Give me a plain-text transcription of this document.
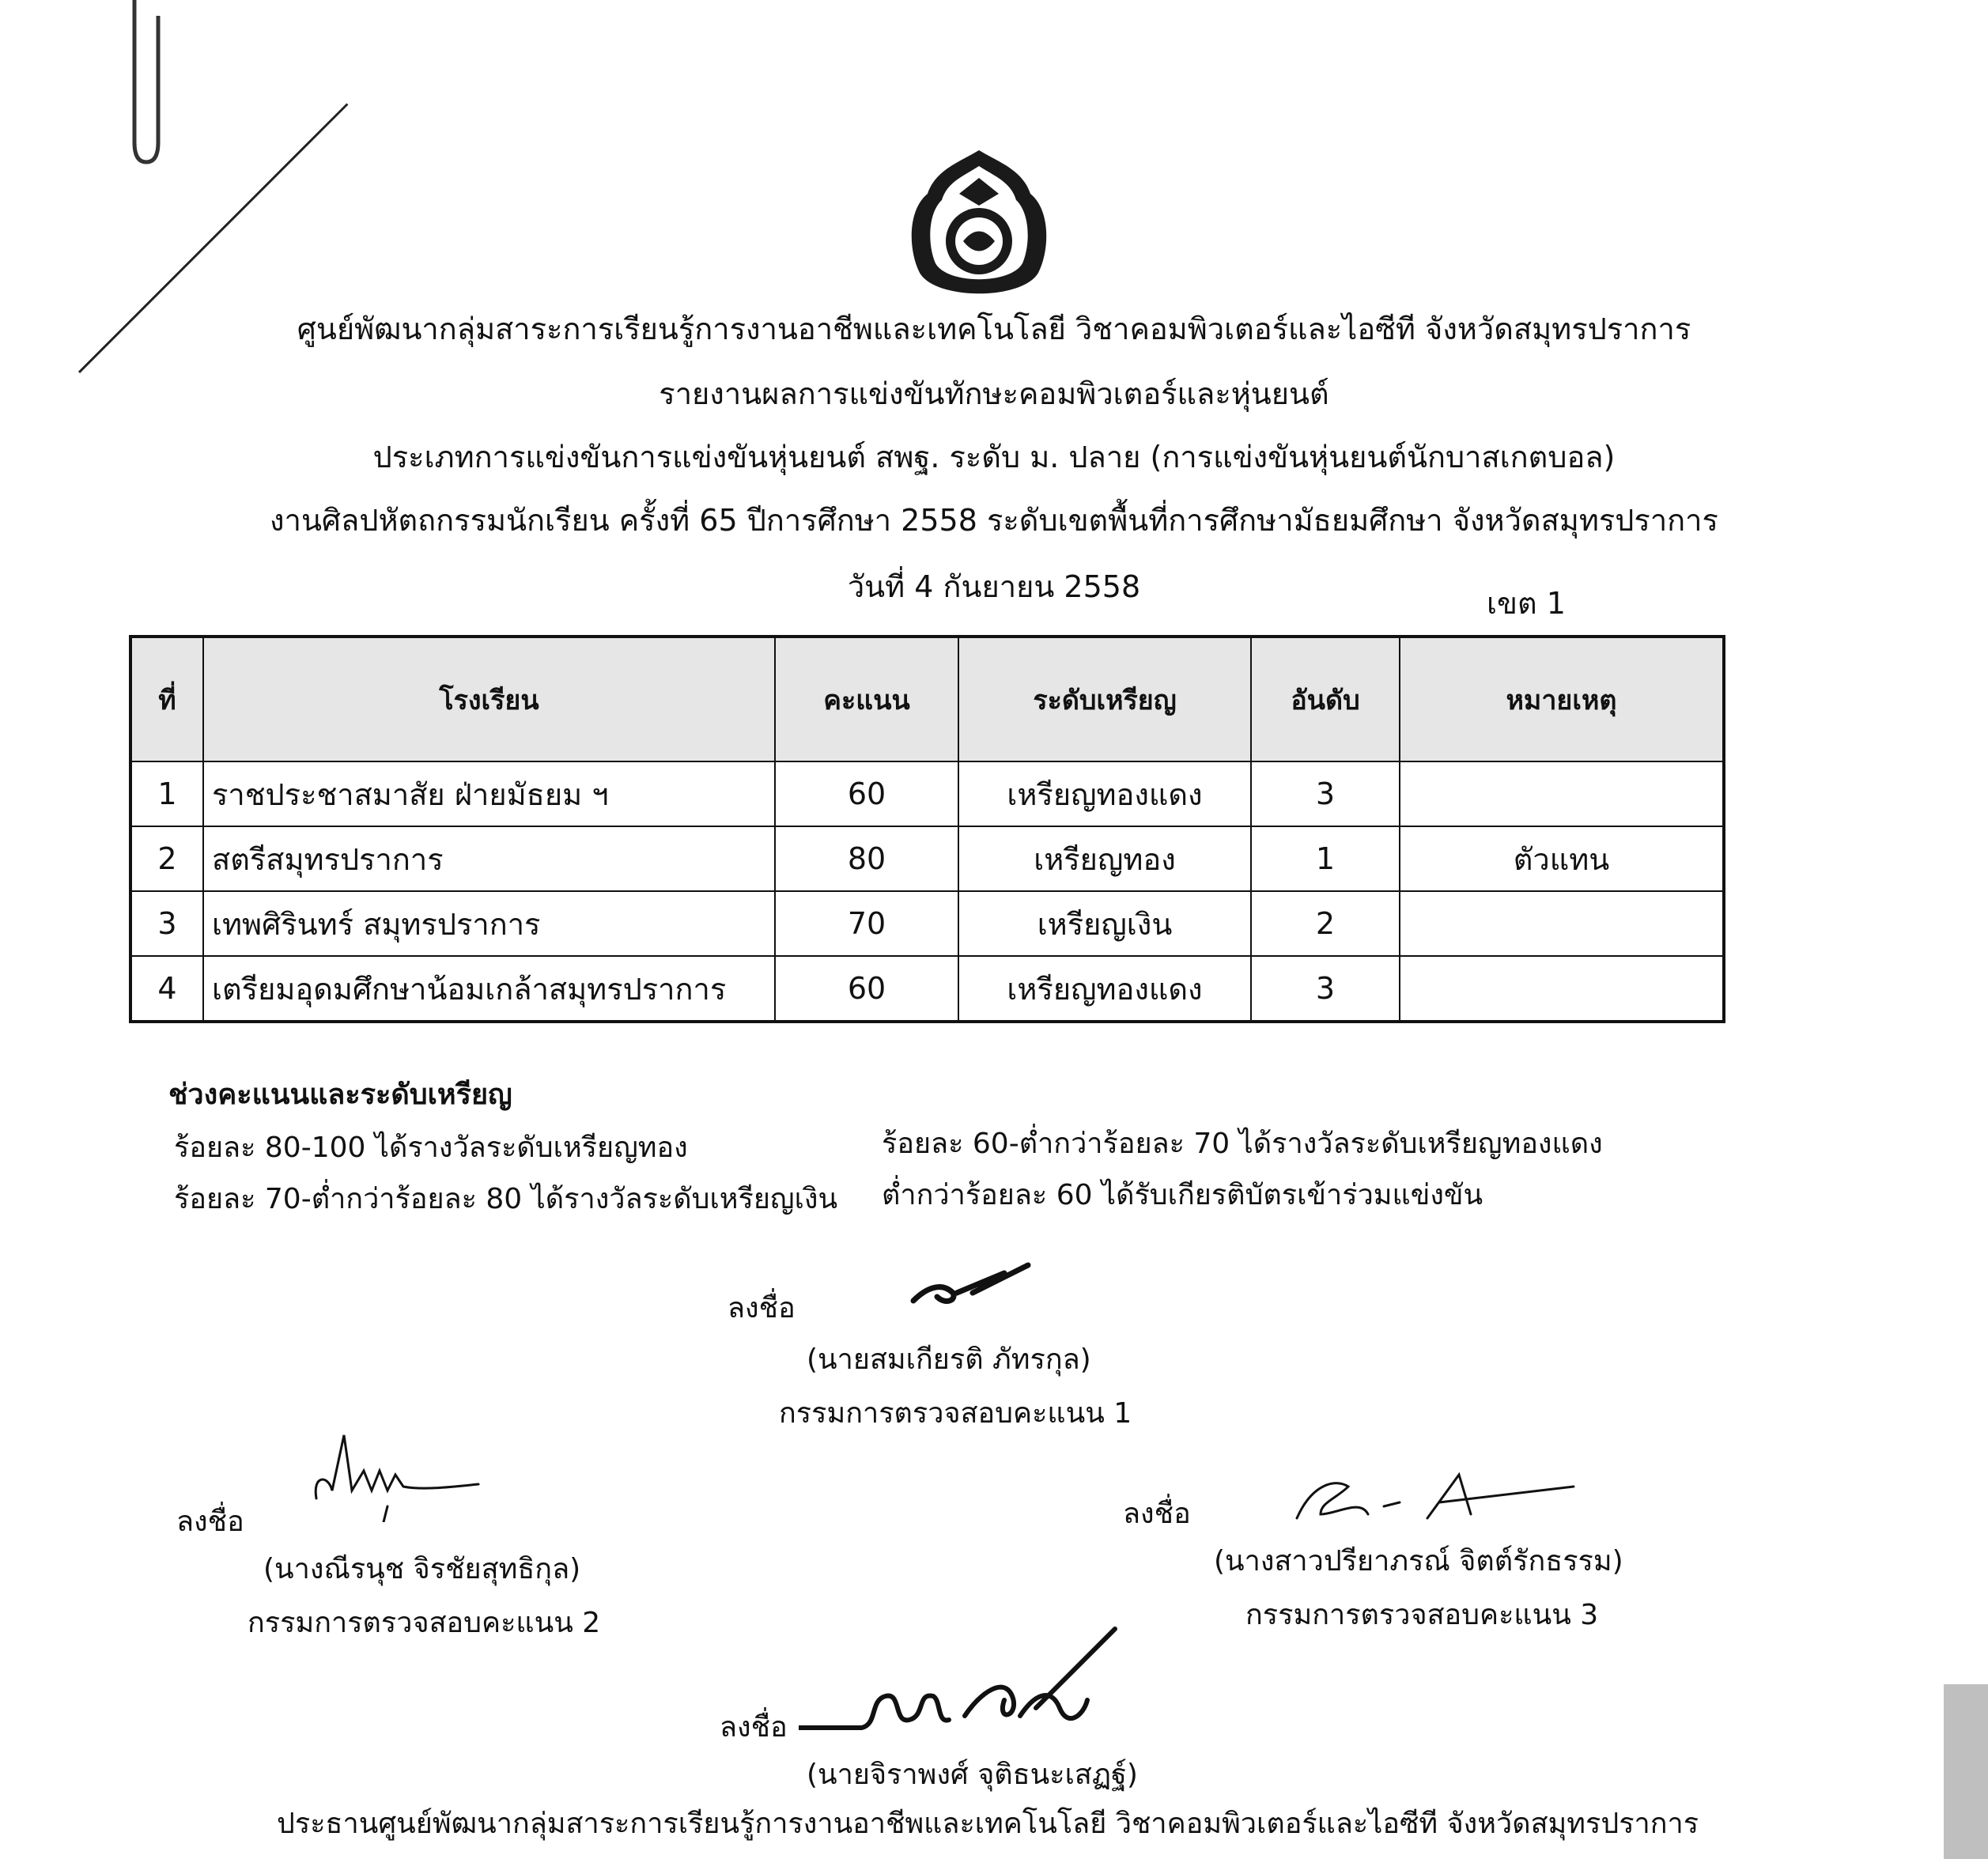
ศูนย์พัฒนากลุ่มสาระการเรียนรู้การงานอาชีพและเทคโนโลยี วิชาคอมพิวเตอร์และไอซีที จังหวัดสมุทรปราการ
รายงานผลการแข่งขันทักษะคอมพิวเตอร์และหุ่นยนต์
ประเภทการแข่งขันการแข่งขันหุ่นยนต์ สพฐ. ระดับ ม. ปลาย (การแข่งขันหุ่นยนต์นักบาสเกตบอล)
งานศิลปหัตถกรรมนักเรียน ครั้งที่ 65 ปีการศึกษา 2558 ระดับเขตพื้นที่การศึกษามัธยมศึกษา จังหวัดสมุทรปราการ
วันที่ 4 กันยายน 2558	เขต 1
ที่	โรงเรียน	คะแนน	ระดับเหรียญ	อันดับ	หมายเหตุ
1	ราชประชาสมาสัย ฝ่ายมัธยม ฯ	60	เหรียญทองแดง	3	
2	สตรีสมุทรปราการ	80	เหรียญทอง	1	ตัวแทน
3	เทพศิรินทร์ สมุทรปราการ	70	เหรียญเงิน	2	
4	เตรียมอุดมศึกษาน้อมเกล้าสมุทรปราการ	60	เหรียญทองแดง	3	
ช่วงคะแนนและระดับเหรียญ
ร้อยละ 80-100 ได้รางวัลระดับเหรียญทอง
ร้อยละ 70-ต่ำกว่าร้อยละ 80 ได้รางวัลระดับเหรียญเงิน
ร้อยละ 60-ต่ำกว่าร้อยละ 70 ได้รางวัลระดับเหรียญทองแดง
ต่ำกว่าร้อยละ 60 ได้รับเกียรติบัตรเข้าร่วมแข่งขัน
ลงชื่อ
(นายสมเกียรติ ภัทรกุล)
กรรมการตรวจสอบคะแนน 1
ลงชื่อ
(นางณีรนุช จิรชัยสุทธิกุล)
กรรมการตรวจสอบคะแนน 2
ลงชื่อ
(นางสาวปรียาภรณ์ จิตต์รักธรรม)
กรรมการตรวจสอบคะแนน 3
ลงชื่อ
(นายจิราพงศ์ จุติธนะเสฏฐ์)
ประธานศูนย์พัฒนากลุ่มสาระการเรียนรู้การงานอาชีพและเทคโนโลยี วิชาคอมพิวเตอร์และไอซีที จังหวัดสมุทรปราการ
